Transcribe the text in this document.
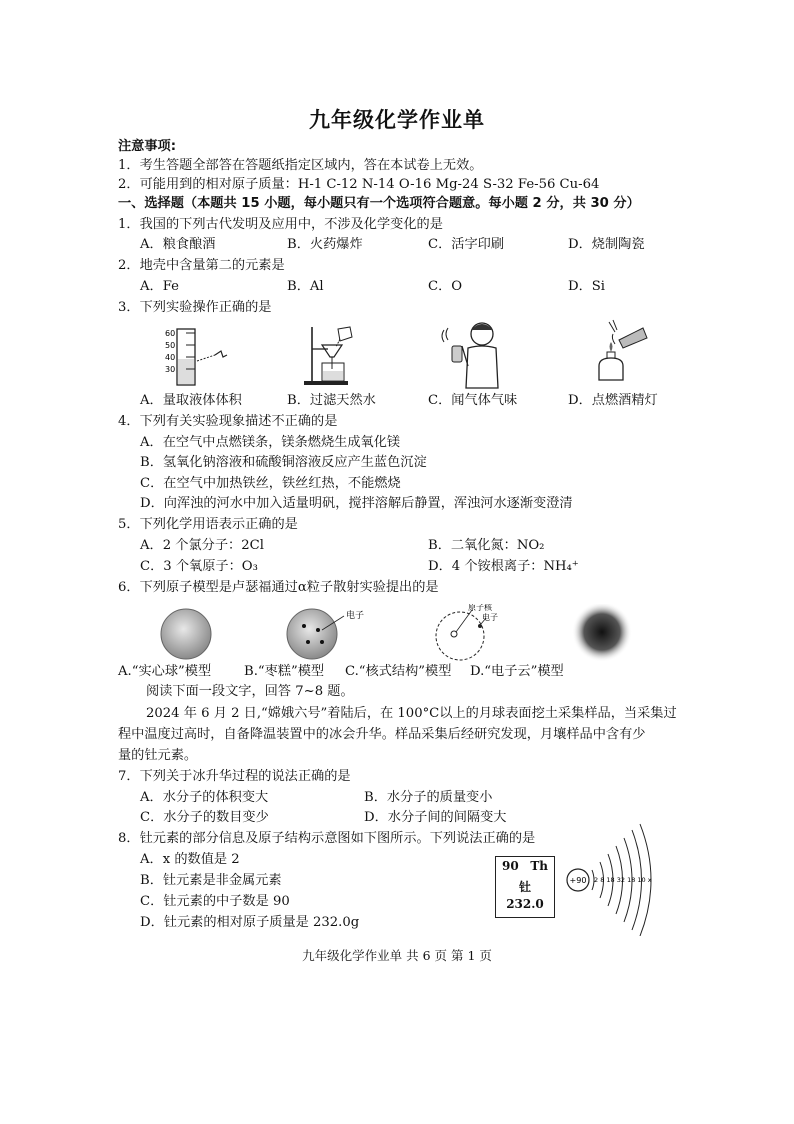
九年级化学作业单
注意事项:
1．考生答题全部答在答题纸指定区域内，答在本试卷上无效。
2．可能用到的相对原子质量：H-1 C-12 N-14 O-16 Mg-24 S-32 Fe-56 Cu-64
一、选择题（本题共 15 小题，每小题只有一个选项符合题意。每小题 2 分，共 30 分）
1．我国的下列古代发明及应用中，不涉及化学变化的是
A．粮食酿酒	B．火药爆炸	C．活字印刷	D．烧制陶瓷
2．地壳中含量第二的元素是
A．Fe	B．Al	C．O	D．Si
3．下列实验操作正确的是
60
50
40
30
A．量取液体体积	B．过滤天然水	C．闻气体气味	D．点燃酒精灯
4．下列有关实验现象描述不正确的是
A．在空气中点燃镁条，镁条燃烧生成氧化镁
B．氢氧化钠溶液和硫酸铜溶液反应产生蓝色沉淀
C．在空气中加热铁丝，铁丝红热，不能燃烧
D．向浑浊的河水中加入适量明矾，搅拌溶解后静置，浑浊河水逐渐变澄清
5．下列化学用语表示正确的是
A．2 个氯分子：2Cl	B．二氧化氮：NO₂
C．3 个氧原子：O₃	D．4 个铵根离子：NH₄⁺
6．下列原子模型是卢瑟福通过α粒子散射实验提出的是
电子
原子核
电子
A.“实心球”模型 B.“枣糕”模型 C.“核式结构”模型 D.“电子云”模型
阅读下面一段文字，回答 7~8 题。
2024 年 6 月 2 日,“嫦娥六号”着陆后，在 100°C以上的月球表面挖土采集样品，当采集过
程中温度过高时，自备降温装置中的冰会升华。样品采集后经研究发现，月壤样品中含有少
量的钍元素。
7．下列关于冰升华过程的说法正确的是
A．水分子的体积变大	B．水分子的质量变小
C．水分子的数目变少	D．水分子间的间隔变大
8．钍元素的部分信息及原子结构示意图如下图所示。下列说法正确的是
A．x 的数值是 2
B．钍元素是非金属元素
C．钍元素的中子数是 90
D．钍元素的相对原子质量是 232.0g
90 Th
钍
232.0
+90 2 8 18 32 18 10 x
九年级化学作业单 共 6 页 第 1 页
